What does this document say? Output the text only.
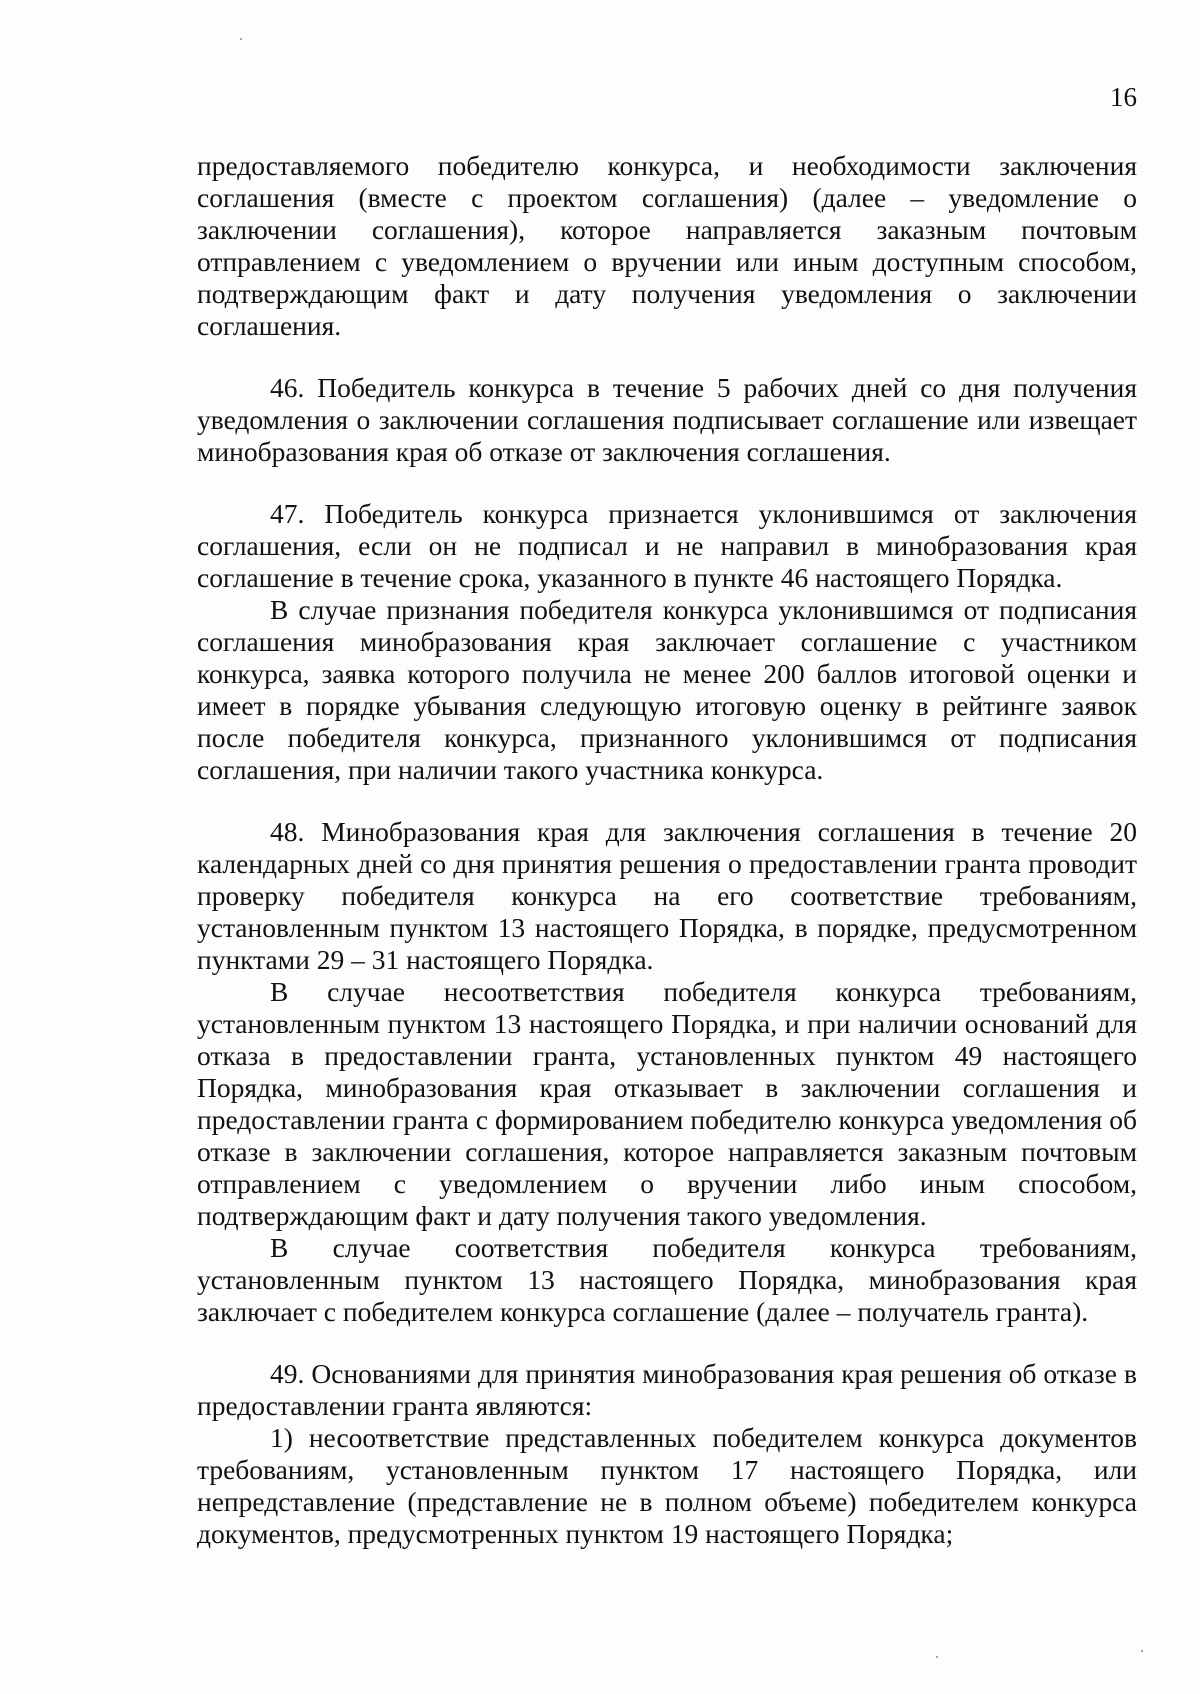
16

предоставляемого победителю конкурса, и необходимости заключения соглашения (вместе с проектом соглашения) (далее – уведомление о заключении соглашения), которое направляется заказным почтовым отправлением с уведомлением о вручении или иным доступным способом, подтверждающим факт и дату получения уведомления о заключении соглашения.

46. Победитель конкурса в течение 5 рабочих дней со дня получения уведомления о заключении соглашения подписывает соглашение или извещает минобразования края об отказе от заключения соглашения.

47. Победитель конкурса признается уклонившимся от заключения соглашения, если он не подписал и не направил в минобразования края соглашение в течение срока, указанного в пункте 46 настоящего Порядка.

В случае признания победителя конкурса уклонившимся от подписания соглашения минобразования края заключает соглашение с участником конкурса, заявка которого получила не менее 200 баллов итоговой оценки и имеет в порядке убывания следующую итоговую оценку в рейтинге заявок после победителя конкурса, признанного уклонившимся от подписания соглашения, при наличии такого участника конкурса.

48. Минобразования края для заключения соглашения в течение 20 календарных дней со дня принятия решения о предоставлении гранта проводит проверку победителя конкурса на его соответствие требованиям, установленным пунктом 13 настоящего Порядка, в порядке, предусмотренном пунктами 29 – 31 настоящего Порядка.

В случае несоответствия победителя конкурса требованиям, установленным пунктом 13 настоящего Порядка, и при наличии оснований для отказа в предоставлении гранта, установленных пунктом 49 настоящего Порядка, минобразования края отказывает в заключении соглашения и предоставлении гранта с формированием победителю конкурса уведомления об отказе в заключении соглашения, которое направляется заказным почтовым отправлением с уведомлением о вручении либо иным способом, подтверждающим факт и дату получения такого уведомления.

В случае соответствия победителя конкурса требованиям, установленным пунктом 13 настоящего Порядка, минобразования края заключает с победителем конкурса соглашение (далее – получатель гранта).

49. Основаниями для принятия минобразования края решения об отказе в предоставлении гранта являются:

1) несоответствие представленных победителем конкурса документов требованиям, установленным пунктом 17 настоящего Порядка, или непредставление (представление не в полном объеме) победителем конкурса документов, предусмотренных пунктом 19 настоящего Порядка;
